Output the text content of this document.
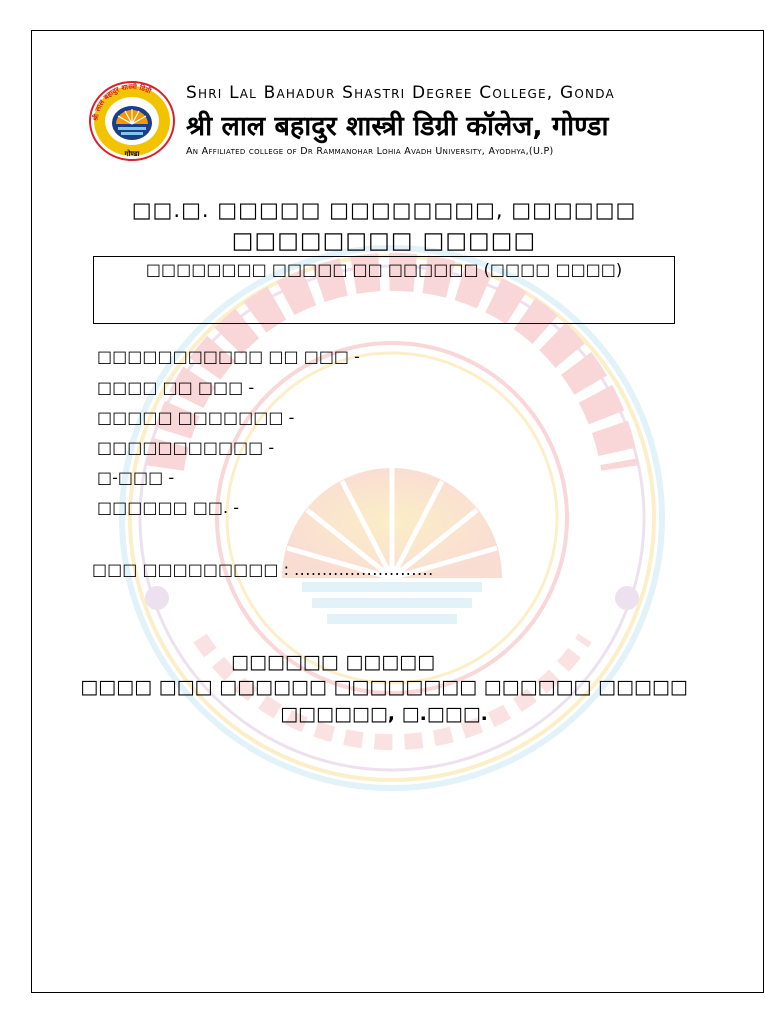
श्री लाल बहादुर शास्त्री डिग्री
गोण्डा
Shri Lal Bahadur Shastri Degree College, Gonda
श्री लाल बहादुर शास्त्री डिग्री कॉलेज, गोण्डा
An Affiliated college of Dr Rammanohar Lohia Avadh University, Ayodhya,(U.P)
□□.□. □□□□□ □□□□□□□□, □□□□□□
□□□□□□□□ □□□□□
□□□□□□□□ □□□□□ □□ □□□□□□ (□□□□ □□□□)
□□□□□□□□□□□ □□ □□□ -
□□□□ □□ □□□ -
□□□□□ □□□□□□□ -
□□□□□□□□□□□ -
□-□□□ -
□□□□□□ □□. -
□□□ □□□□□□□□□ : .........................
□□□□□□ □□□□□
□□□□ □□□ □□□□□□ □□□□□□□□ □□□□□□ □□□□□
□□□□□□, □.□□□.
